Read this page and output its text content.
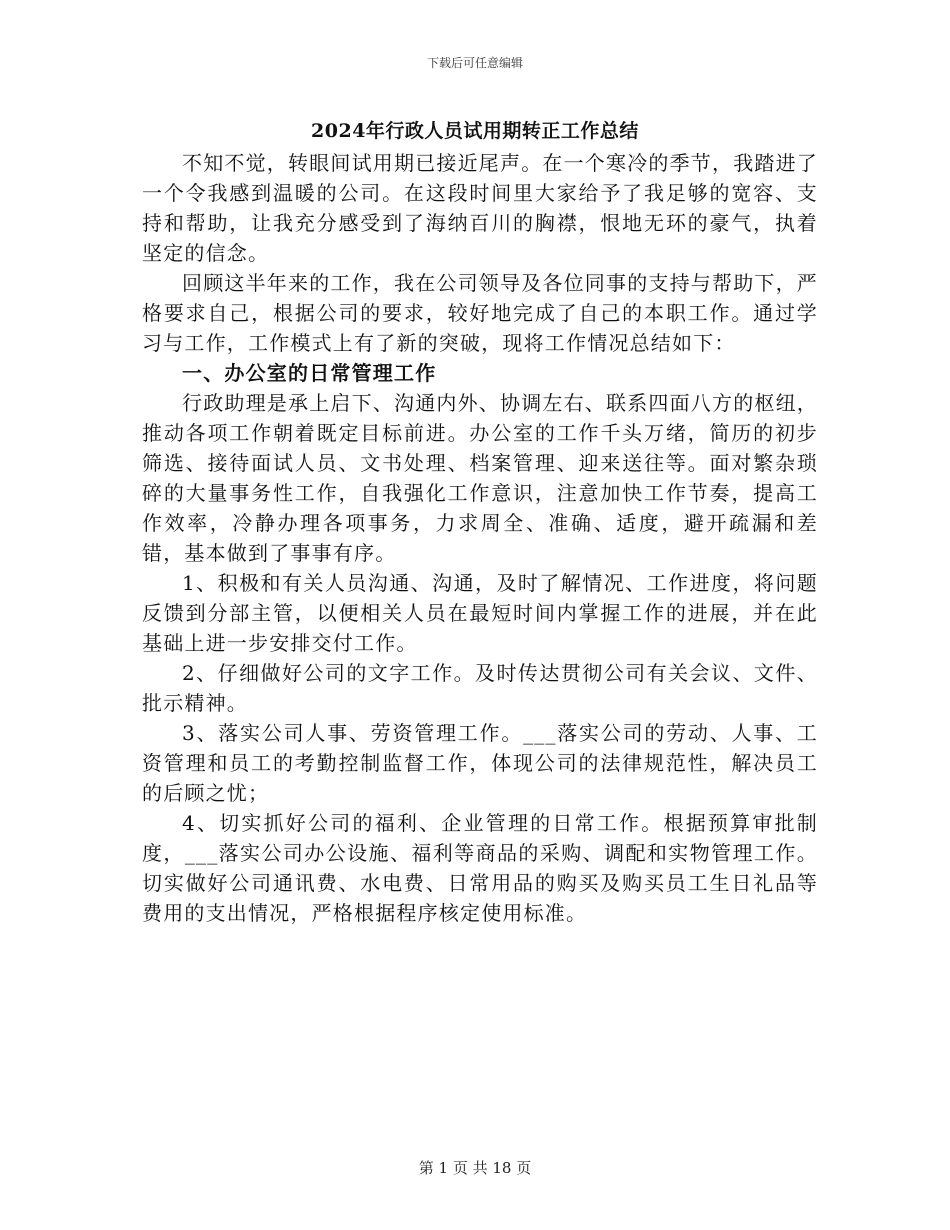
下载后可任意编辑
2024年行政人员试用期转正工作总结

不知不觉，转眼间试用期已接近尾声。在一个寒冷的季节，我踏进了一个令我感到温暖的公司。在这段时间里大家给予了我足够的宽容、支持和帮助，让我充分感受到了海纳百川的胸襟，恨地无环的豪气，执着坚定的信念。

回顾这半年来的工作，我在公司领导及各位同事的支持与帮助下，严格要求自己，根据公司的要求，较好地完成了自己的本职工作。通过学习与工作，工作模式上有了新的突破，现将工作情况总结如下：

一、办公室的日常管理工作

行政助理是承上启下、沟通内外、协调左右、联系四面八方的枢纽，推动各项工作朝着既定目标前进。办公室的工作千头万绪，简历的初步筛选、接待面试人员、文书处理、档案管理、迎来送往等。面对繁杂琐碎的大量事务性工作，自我强化工作意识，注意加快工作节奏，提高工作效率，冷静办理各项事务，力求周全、准确、适度，避开疏漏和差错，基本做到了事事有序。

1、积极和有关人员沟通、沟通，及时了解情况、工作进度，将问题反馈到分部主管，以便相关人员在最短时间内掌握工作的进展，并在此基础上进一步安排交付工作。

2、仔细做好公司的文字工作。及时传达贯彻公司有关会议、文件、批示精神。

3、落实公司人事、劳资管理工作。___落实公司的劳动、人事、工资管理和员工的考勤控制监督工作，体现公司的法律规范性，解决员工的后顾之忧；

4、切实抓好公司的福利、企业管理的日常工作。根据预算审批制度，___落实公司办公设施、福利等商品的采购、调配和实物管理工作。切实做好公司通讯费、水电费、日常用品的购买及购买员工生日礼品等费用的支出情况，严格根据程序核定使用标准。

第 1 页 共 18 页
